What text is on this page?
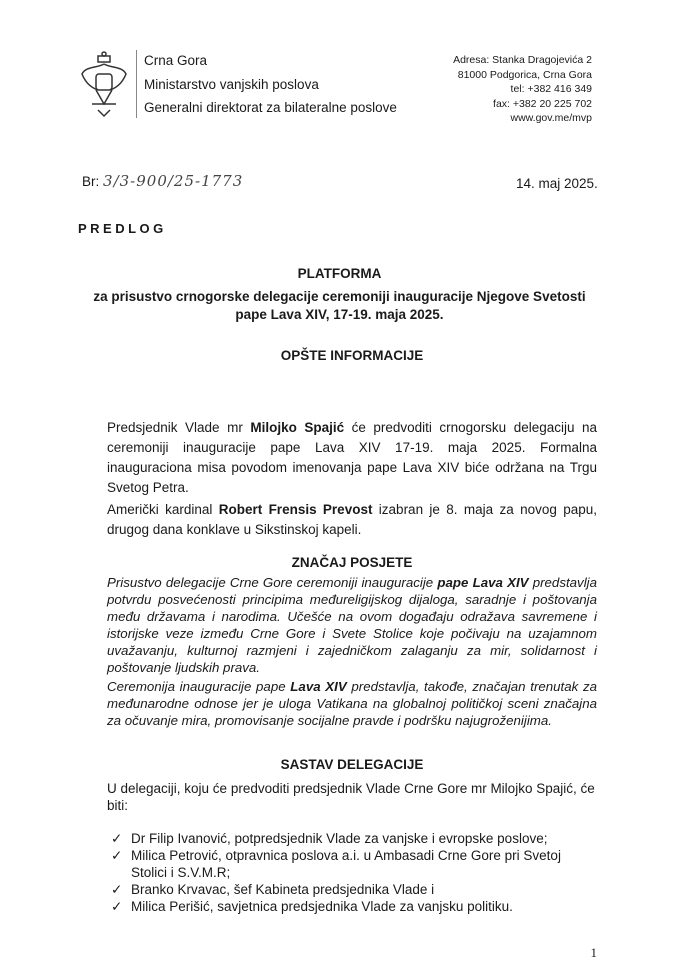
Crna Gora
Ministarstvo vanjskih poslova
Generalni direktorat za bilateralne poslove
Adresa: Stanka Dragojevića 2
81000 Podgorica, Crna Gora
tel: +382 416 349
fax: +382 20 225 702
www.gov.me/mvp
Br: 3/3-900/25-1773	14. maj 2025.
PREDLOG
PLATFORMA
za prisustvo crnogorske delegacije ceremoniji inauguracije Njegove Svetosti
pape Lava XIV, 17-19. maja 2025.
OPŠTE INFORMACIJE
Predsjednik Vlade mr Milojko Spajić će predvoditi crnogorsku delegaciju na ceremoniji inauguracije pape Lava XIV 17-19. maja 2025. Formalna inauguraciona misa povodom imenovanja pape Lava XIV biće održana na Trgu Svetog Petra.
Američki kardinal Robert Frensis Prevost izabran je 8. maja za novog papu, drugog dana konklave u Sikstinskoj kapeli.
ZNAČAJ POSJETE
Prisustvo delegacije Crne Gore ceremoniji inauguracije pape Lava XIV predstavlja potvrdu posvećenosti principima međureligijskog dijaloga, saradnje i poštovanja među državama i narodima. Učešće na ovom događaju odražava savremene i istorijske veze između Crne Gore i Svete Stolice koje počivaju na uzajamnom uvažavanju, kulturnoj razmjeni i zajedničkom zalaganju za mir, solidarnost i poštovanje ljudskih prava.
Ceremonija inauguracije pape Lava XIV predstavlja, takođe, značajan trenutak za međunarodne odnose jer je uloga Vatikana na globalnoj političkoj sceni značajna za očuvanje mira, promovisanje socijalne pravde i podršku najugroženijima.
SASTAV DELEGACIJE
U delegaciji, koju će predvoditi predsjednik Vlade Crne Gore mr Milojko Spajić, će biti:
✓ Dr Filip Ivanović, potpredsjednik Vlade za vanjske i evropske poslove;
✓ Milica Petrović, otpravnica poslova a.i. u Ambasadi Crne Gore pri Svetoj Stolici i S.V.M.R;
✓ Branko Krvavac, šef Kabineta predsjednika Vlade i
✓ Milica Perišić, savjetnica predsjednika Vlade za vanjsku politiku.
1
